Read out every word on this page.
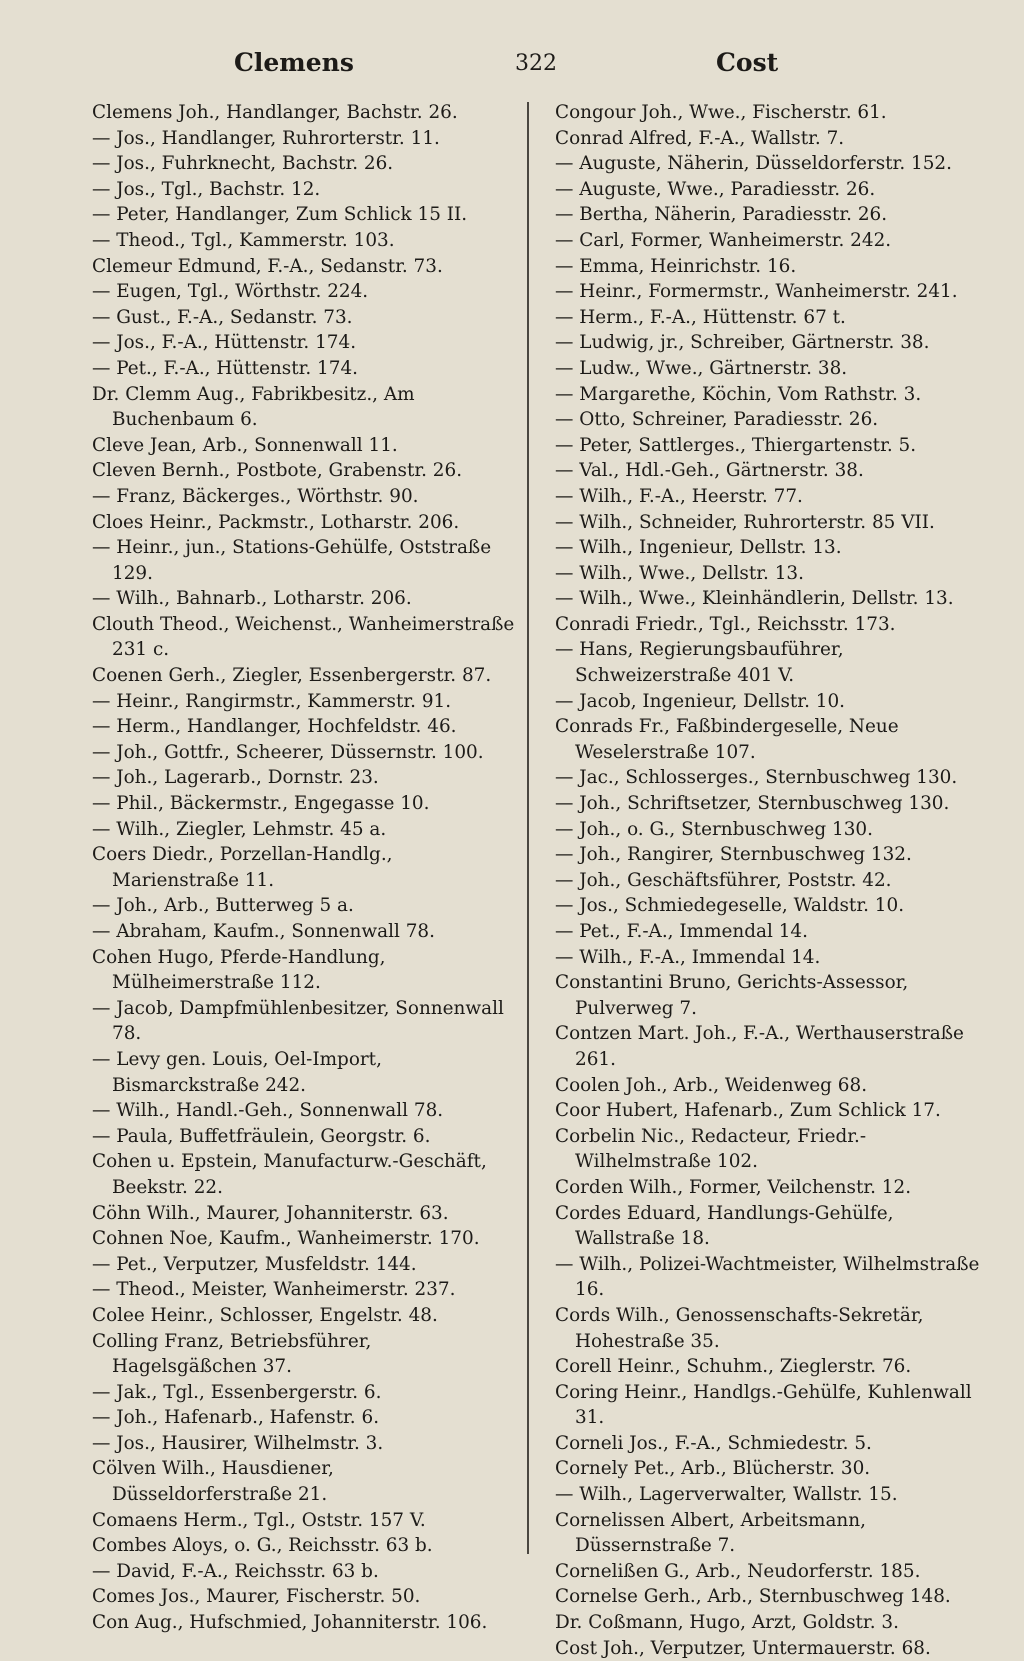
Clemens	322	Cost
Clemens Joh., Handlanger, Bachstr. 26.
— Jos., Handlanger, Ruhrorterstr. 11.
— Jos., Fuhrknecht, Bachstr. 26.
— Jos., Tgl., Bachstr. 12.
— Peter, Handlanger, Zum Schlick 15 II.
— Theod., Tgl., Kammerstr. 103.
Clemeur Edmund, F.-A., Sedanstr. 73.
— Eugen, Tgl., Wörthstr. 224.
— Gust., F.-A., Sedanstr. 73.
— Jos., F.-A., Hüttenstr. 174.
— Pet., F.-A., Hüttenstr. 174.
Dr. Clemm Aug., Fabrikbesitz., Am Buchenbaum 6.
Cleve Jean, Arb., Sonnenwall 11.
Cleven Bernh., Postbote, Grabenstr. 26.
— Franz, Bäckerges., Wörthstr. 90.
Cloes Heinr., Packmstr., Lotharstr. 206.
— Heinr., jun., Stations-Gehülfe, Oststraße 129.
— Wilh., Bahnarb., Lotharstr. 206.
Clouth Theod., Weichenst., Wanheimerstraße 231 c.
Coenen Gerh., Ziegler, Essenbergerstr. 87.
— Heinr., Rangirmstr., Kammerstr. 91.
— Herm., Handlanger, Hochfeldstr. 46.
— Joh., Gottfr., Scheerer, Düssernstr. 100.
— Joh., Lagerarb., Dornstr. 23.
— Phil., Bäckermstr., Engegasse 10.
— Wilh., Ziegler, Lehmstr. 45 a.
Coers Diedr., Porzellan-Handlg., Marienstraße 11.
— Joh., Arb., Butterweg 5 a.
— Abraham, Kaufm., Sonnenwall 78.
Cohen Hugo, Pferde-Handlung, Mülheimerstraße 112.
— Jacob, Dampfmühlenbesitzer, Sonnenwall 78.
— Levy gen. Louis, Oel-Import, Bismarckstraße 242.
— Wilh., Handl.-Geh., Sonnenwall 78.
— Paula, Buffetfräulein, Georgstr. 6.
Cohen u. Epstein, Manufacturw.-Geschäft, Beekstr. 22.
Cöhn Wilh., Maurer, Johanniterstr. 63.
Cohnen Noe, Kaufm., Wanheimerstr. 170.
— Pet., Verputzer, Musfeldstr. 144.
— Theod., Meister, Wanheimerstr. 237.
Colee Heinr., Schlosser, Engelstr. 48.
Colling Franz, Betriebsführer, Hagelsgäßchen 37.
— Jak., Tgl., Essenbergerstr. 6.
— Joh., Hafenarb., Hafenstr. 6.
— Jos., Hausirer, Wilhelmstr. 3.
Cölven Wilh., Hausdiener, Düsseldorferstraße 21.
Comaens Herm., Tgl., Oststr. 157 V.
Combes Aloys, o. G., Reichsstr. 63 b.
— David, F.-A., Reichsstr. 63 b.
Comes Jos., Maurer, Fischerstr. 50.
Con Aug., Hufschmied, Johanniterstr. 106.
Congour Joh., Wwe., Fischerstr. 61.
Conrad Alfred, F.-A., Wallstr. 7.
— Auguste, Näherin, Düsseldorferstr. 152.
— Auguste, Wwe., Paradiesstr. 26.
— Bertha, Näherin, Paradiesstr. 26.
— Carl, Former, Wanheimerstr. 242.
— Emma, Heinrichstr. 16.
— Heinr., Formermstr., Wanheimerstr. 241.
— Herm., F.-A., Hüttenstr. 67 t.
— Ludwig, jr., Schreiber, Gärtnerstr. 38.
— Ludw., Wwe., Gärtnerstr. 38.
— Margarethe, Köchin, Vom Rathstr. 3.
— Otto, Schreiner, Paradiesstr. 26.
— Peter, Sattlerges., Thiergartenstr. 5.
— Val., Hdl.-Geh., Gärtnerstr. 38.
— Wilh., F.-A., Heerstr. 77.
— Wilh., Schneider, Ruhrorterstr. 85 VII.
— Wilh., Ingenieur, Dellstr. 13.
— Wilh., Wwe., Dellstr. 13.
— Wilh., Wwe., Kleinhändlerin, Dellstr. 13.
Conradi Friedr., Tgl., Reichsstr. 173.
— Hans, Regierungsbauführer, Schweizerstraße 401 V.
— Jacob, Ingenieur, Dellstr. 10.
Conrads Fr., Faßbindergeselle, Neue Weselerstraße 107.
— Jac., Schlosserges., Sternbuschweg 130.
— Joh., Schriftsetzer, Sternbuschweg 130.
— Joh., o. G., Sternbuschweg 130.
— Joh., Rangirer, Sternbuschweg 132.
— Joh., Geschäftsführer, Poststr. 42.
— Jos., Schmiedegeselle, Waldstr. 10.
— Pet., F.-A., Immendal 14.
— Wilh., F.-A., Immendal 14.
Constantini Bruno, Gerichts-Assessor, Pulverweg 7.
Contzen Mart. Joh., F.-A., Werthauserstraße 261.
Coolen Joh., Arb., Weidenweg 68.
Coor Hubert, Hafenarb., Zum Schlick 17.
Corbelin Nic., Redacteur, Friedr.-Wilhelmstraße 102.
Corden Wilh., Former, Veilchenstr. 12.
Cordes Eduard, Handlungs-Gehülfe, Wallstraße 18.
— Wilh., Polizei-Wachtmeister, Wilhelmstraße 16.
Cords Wilh., Genossenschafts-Sekretär, Hohestraße 35.
Corell Heinr., Schuhm., Zieglerstr. 76.
Coring Heinr., Handlgs.-Gehülfe, Kuhlenwall 31.
Corneli Jos., F.-A., Schmiedestr. 5.
Cornely Pet., Arb., Blücherstr. 30.
— Wilh., Lagerverwalter, Wallstr. 15.
Cornelissen Albert, Arbeitsmann, Düssernstraße 7.
Cornelißen G., Arb., Neudorferstr. 185.
Cornelse Gerh., Arb., Sternbuschweg 148.
Dr. Coßmann, Hugo, Arzt, Goldstr. 3.
Cost Joh., Verputzer, Untermauerstr. 68.
